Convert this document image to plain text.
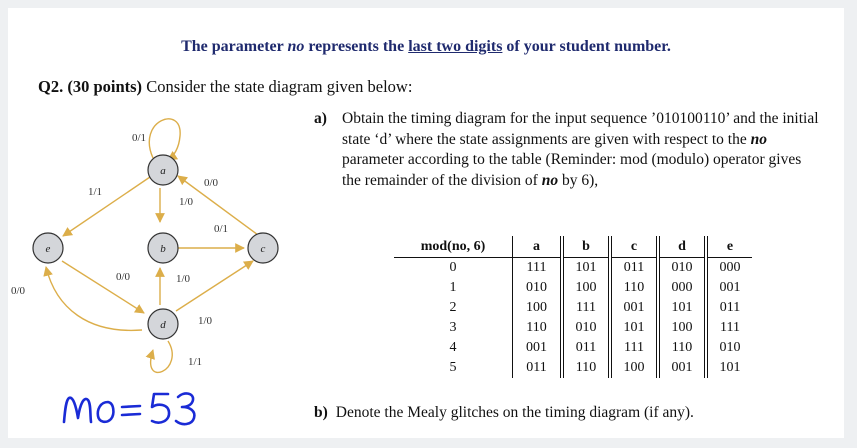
The parameter no represents the last two digits of your student number.
Q2. (30 points) Consider the state diagram given below:
a
e	b	c
d
0/1
1/1
1/0
0/0
0/1
0/0	1/0
0/0
1/0
1/1
a) Obtain the timing diagram for the input sequence ’010100110’ and the initial state ‘d’ where the state assignments are given with respect to the no parameter according to the table (Reminder: mod (modulo) operator gives the remainder of the division of no by 6),
mod(no, 6)	a	b	c	d	e
0	111	101	011	010	000
1	010	100	110	000	001
2	100	111	001	101	011
3	110	010	101	100	111
4	001	011	111	110	010
5	011	110	100	001	101
b) Denote the Mealy glitches on the timing diagram (if any).
